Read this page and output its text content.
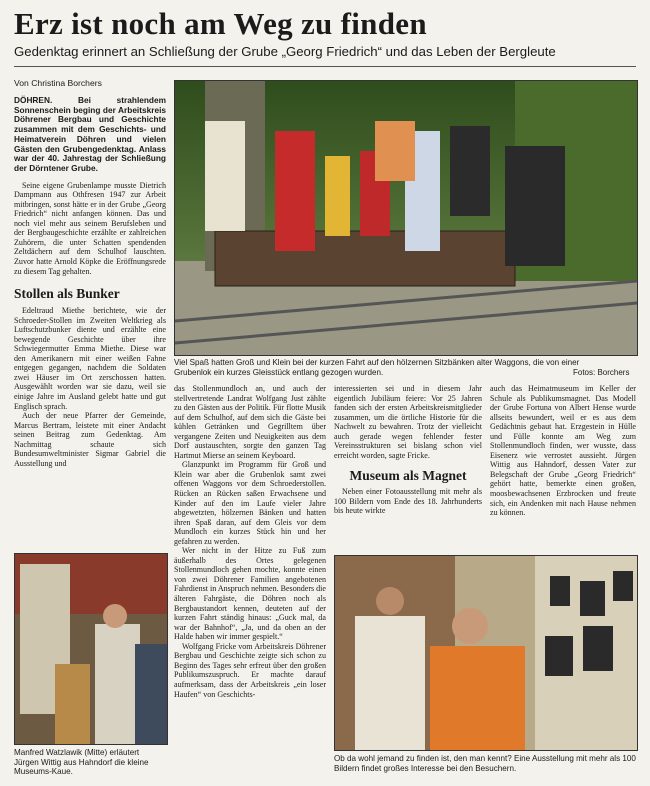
Erz ist noch am Weg zu finden
Gedenktag erinnert an Schließung der Grube „Georg Friedrich“ und das Leben der Bergleute
Von Christina Borchers
DÖHREN. Bei strahlendem Sonnenschein beging der Arbeitskreis Döhrener Bergbau und Geschichte zusammen mit dem Geschichts- und Heimatverein Döhren und vielen Gästen den Grubengedenktag. Anlass war der 40. Jahrestag der Schließung der Dörntener Grube.

Seine eigene Grubenlampe musste Dietrich Dampmann aus Othfresen 1947 zur Arbeit mitbringen, sonst hätte er in der Grube „Georg Friedrich“ nicht anfangen können. Das und noch viel mehr aus seinem Berufsleben und der Bergbaugeschichte erzählte er zahlreichen Zuhörern, die unter Schatten spendenden Zeltdächern auf dem Schulhof lauschten. Zuvor hatte Arnold Köpke die Eröffnungsrede zu diesem Tag gehalten.

Stollen als Bunker

Edeltraud Miethe berichtete, wie der Schroeder-Stollen im Zweiten Weltkrieg als Luftschutzbunker diente und erzählte eine bewegende Geschichte über ihre Schwiegermutter Emma Miethe. Diese war den Amerikanern mit einer weißen Fahne entgegen gegangen, nachdem die Soldaten zwei Häuser im Ort zerschossen hatten. Ausgewählt worden war sie dazu, weil sie einige Jahre im Ausland gelebt hatte und gut Englisch sprach.

Auch der neue Pfarrer der Gemeinde, Marcus Bertram, leistete mit einer Andacht seinen Beitrag zum Gedenktag. Am Nachmittag schaute sich Bundesumweltminister Sigmar Gabriel die Ausstellung und

Viel Spaß hatten Groß und Klein bei der kurzen Fahrt auf den hölzernen Sitzbänken alter Waggons, die von einer Grubenlok ein kurzes Gleisstück entlang gezogen wurden.	Fotos: Borchers

das Stollenmundloch an, und auch der stellvertretende Landrat Wolfgang Just zählte zu den Gästen aus der Politik. Für flotte Musik auf dem Schulhof, auf dem sich die Gäste bei kühlen Getränken und Gegrilltem über vergangene Zeiten und Neuigkeiten aus dem Dorf austauschten, sorgte den ganzen Tag Hartmut Mierse an seinem Keyboard.

Glanzpunkt im Programm für Groß und Klein war aber die Grubenlok samt zwei offenen Waggons vor dem Schroederstollen. Rücken an Rücken saßen Erwachsene und Kinder auf den im Laufe vieler Jahre abgewetzten, hölzernen Bänken und hatten ihren Spaß daran, auf dem Gleis vor dem Mundloch ein kurzes Stück hin und her gefahren zu werden.

Wer nicht in der Hitze zu Fuß zum äußerhalb des Ortes gelegenen Stollenmundloch gehen mochte, konnte einen von zwei Döhrener Familien angebotenen Fahrdienst in Anspruch nehmen. Besonders die älteren Fahrgäste, die Döhren noch als Bergbaustandort kennen, deuteten auf der kurzen Fahrt ständig hinaus: „Guck mal, da war der Bahnhof“, „Ja, und da oben an der Halde haben wir immer gespielt.“

Wolfgang Fricke vom Arbeitskreis Döhrener Bergbau und Geschichte zeigte sich schon zu Beginn des Tages sehr erfreut über den großen Publikumszuspruch. Er machte darauf aufmerksam, dass der Arbeitskreis „ein loser Haufen“ von Geschichts-

interessierten sei und in diesem Jahr eigentlich Jubiläum feiere: Vor 25 Jahren fanden sich der ersten Arbeitskreismitglieder zusammen, um die örtliche Historie für die Nachwelt zu bewahren. Trotz der vielleicht auch gerade wegen fehlender fester Vereinsstrukturen sei bislang schon viel erreicht worden, sagte Fricke.

Museum als Magnet

Neben einer Fotoausstellung mit mehr als 100 Bildern vom Ende des 18. Jahrhunderts bis heute wirkte

auch das Heimatmuseum im Keller der Schule als Publikumsmagnet. Das Modell der Grube Fortuna von Albert Hense wurde allseits bewundert, weil er es aus dem Gedächtnis gebaut hat. Erzgestein in Hülle und Fülle konnte am Weg zum Stollenmundloch finden, wer wusste, dass Eisenerz wie verrostet aussieht. Jürgen Wittig aus Hahndorf, dessen Vater zur Belegschaft der Grube „Georg Friedrich“ gehört hatte, bemerkte einen großen, moosbewachsenen Erzbrocken und freute sich, ein Andenken mit nach Hause nehmen zu können.

Manfred Watzlawik (Mitte) erläutert Jürgen Wittig aus Hahndorf die kleine Museums-Kaue.
Ob da wohl jemand zu finden ist, den man kennt? Eine Ausstellung mit mehr als 100 Bildern findet großes Interesse bei den Besuchern.
